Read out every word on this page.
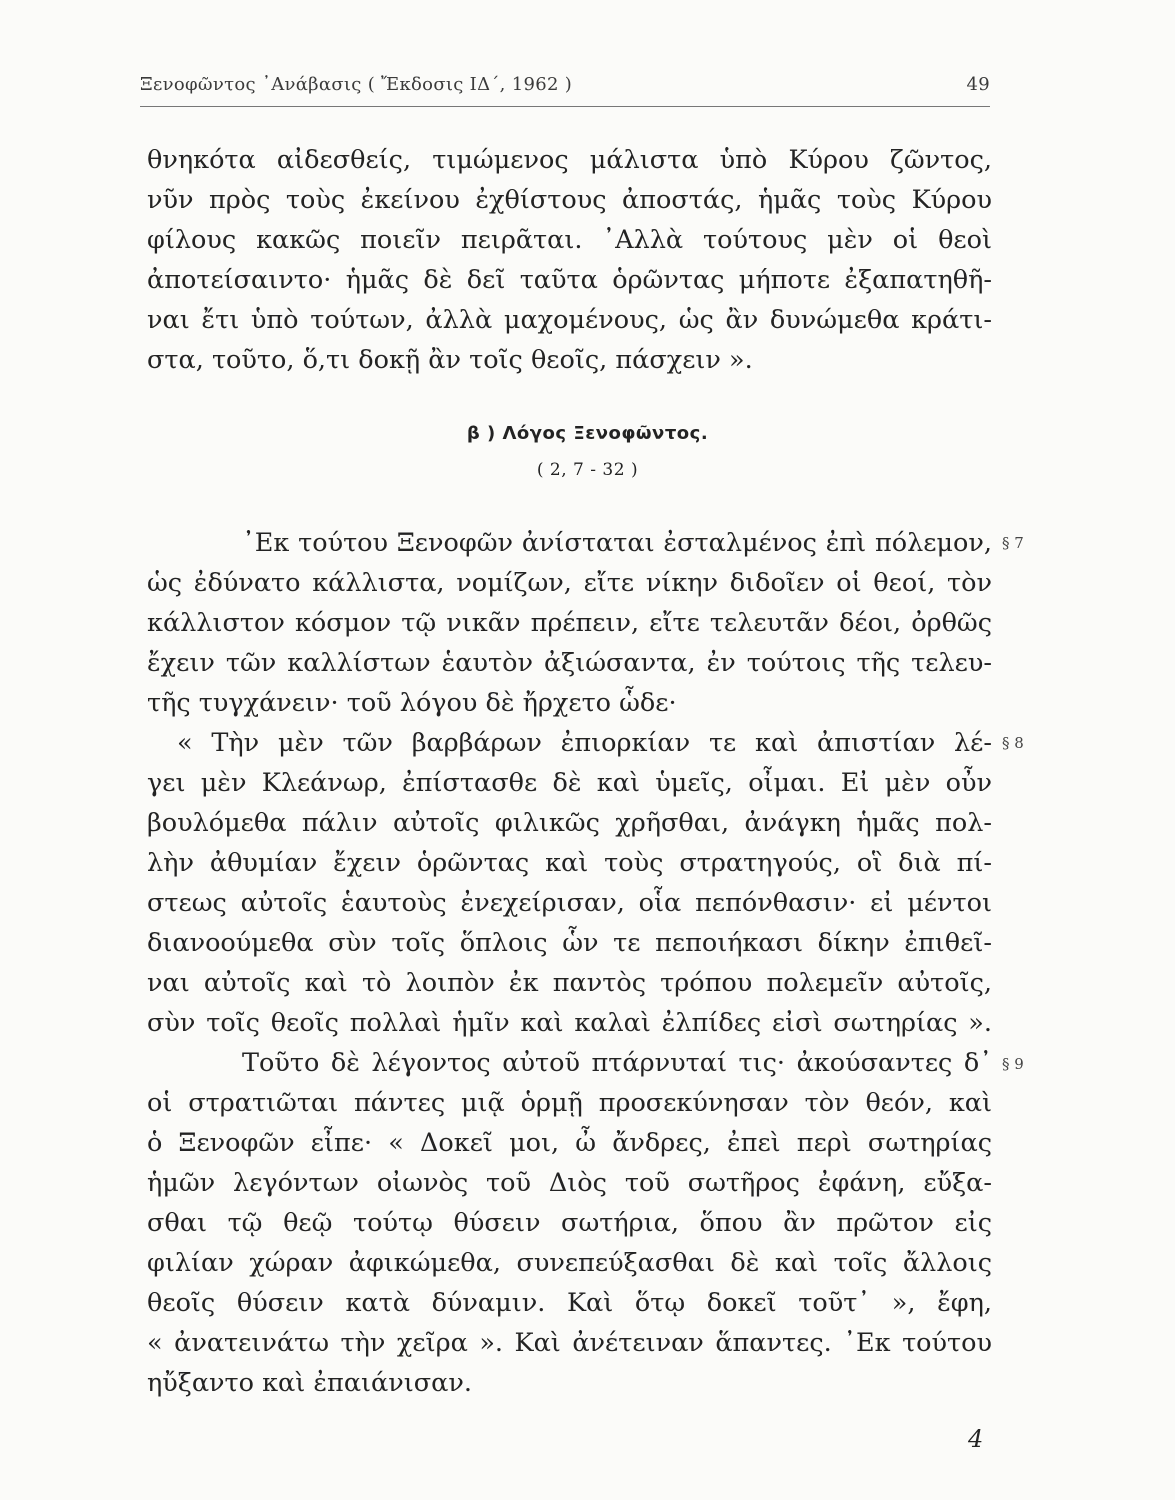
Ξενοφῶντος ᾿Ανάβασις ( Ἔκδοσις ΙΔ΄, 1962 )	49
θνηκότα αἰδεσθείς, τιμώμενος μάλιστα ὑπὸ Κύρου ζῶντος,
νῦν πρὸς τοὺς ἐκείνου ἐχθίστους ἀποστάς, ἡμᾶς τοὺς Κύρου
φίλους κακῶς ποιεῖν πειρᾶται. ᾿Αλλὰ τούτους μὲν οἱ θεοὶ
ἀποτείσαιντο· ἡμᾶς δὲ δεῖ ταῦτα ὁρῶντας μήποτε ἐξαπατηθῆ-
ναι ἔτι ὑπὸ τούτων, ἀλλὰ μαχομένους, ὡς ἂν δυνώμεθα κράτι-
στα, τοῦτο, ὅ,τι δοκῇ ἂν τοῖς θεοῖς, πάσχειν ».
β ) Λόγος Ξενοφῶντος.
( 2, 7 - 32 )
᾿Εκ τούτου Ξενοφῶν ἀνίσταται ἐσταλμένος ἐπὶ πόλεμον,
ὡς ἐδύνατο κάλλιστα, νομίζων, εἴτε νίκην διδοῖεν οἱ θεοί, τὸν
κάλλιστον κόσμον τῷ νικᾶν πρέπειν, εἴτε τελευτᾶν δέοι, ὀρθῶς
ἔχειν τῶν καλλίστων ἑαυτὸν ἀξιώσαντα, ἐν τούτοις τῆς τελευ-
τῆς τυγχάνειν· τοῦ λόγου δὲ ἤρχετο ὧδε·
« Τὴν μὲν τῶν βαρβάρων ἐπιορκίαν τε καὶ ἀπιστίαν λέ-
γει μὲν Κλεάνωρ, ἐπίστασθε δὲ καὶ ὑμεῖς, οἶμαι. Εἰ μὲν οὖν
βουλόμεθα πάλιν αὐτοῖς φιλικῶς χρῆσθαι, ἀνάγκη ἡμᾶς πολ-
λὴν ἀθυμίαν ἔχειν ὁρῶντας καὶ τοὺς στρατηγούς, οἳ διὰ πί-
στεως αὐτοῖς ἑαυτοὺς ἐνεχείρισαν, οἷα πεπόνθασιν· εἰ μέντοι
διανοούμεθα σὺν τοῖς ὅπλοις ὧν τε πεποιήκασι δίκην ἐπιθεῖ-
ναι αὐτοῖς καὶ τὸ λοιπὸν ἐκ παντὸς τρόπου πολεμεῖν αὐτοῖς,
σὺν τοῖς θεοῖς πολλαὶ ἡμῖν καὶ καλαὶ ἐλπίδες εἰσὶ σωτηρίας ».
Τοῦτο δὲ λέγοντος αὐτοῦ πτάρνυταί τις· ἀκούσαντες δ᾿
οἱ στρατιῶται πάντες μιᾷ ὁρμῇ προσεκύνησαν τὸν θεόν, καὶ
ὁ Ξενοφῶν εἶπε· « Δοκεῖ μοι, ὦ ἄνδρες, ἐπεὶ περὶ σωτηρίας
ἡμῶν λεγόντων οἰωνὸς τοῦ Διὸς τοῦ σωτῆρος ἐφάνη, εὔξα-
σθαι τῷ θεῷ τούτῳ θύσειν σωτήρια, ὅπου ἂν πρῶτον εἰς
φιλίαν χώραν ἀφικώμεθα, συνεπεύξασθαι δὲ καὶ τοῖς ἄλλοις
θεοῖς θύσειν κατὰ δύναμιν. Καὶ ὅτῳ δοκεῖ τοῦτ᾿ », ἔφη,
« ἀνατεινάτω τὴν χεῖρα ». Καὶ ἀνέτειναν ἅπαντες. ᾿Εκ τούτου
ηὔξαντο καὶ ἐπαιάνισαν.
§ 7
§ 8
§ 9
4
